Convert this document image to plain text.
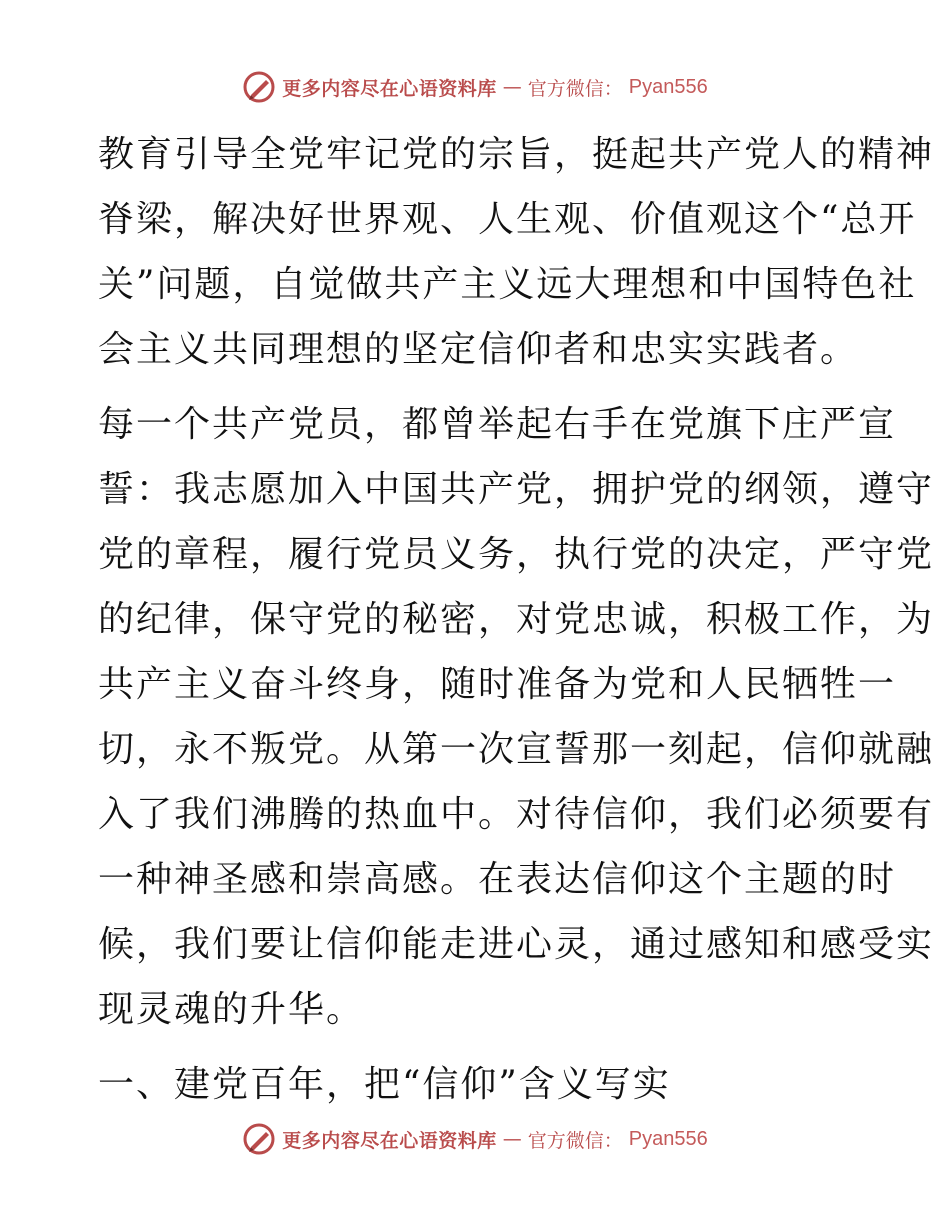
更多内容尽在心语资料库 — 官方微信： Pyan556

教育引导全党牢记党的宗旨，挺起共产党人的精神
脊梁，解决好世界观、人生观、价值观这个“总开
关”问题，自觉做共产主义远大理想和中国特色社
会主义共同理想的坚定信仰者和忠实实践者。

每一个共产党员，都曾举起右手在党旗下庄严宣
誓：我志愿加入中国共产党，拥护党的纲领，遵守
党的章程，履行党员义务，执行党的决定，严守党
的纪律，保守党的秘密，对党忠诚，积极工作，为
共产主义奋斗终身，随时准备为党和人民牺牲一
切，永不叛党。从第一次宣誓那一刻起，信仰就融
入了我们沸腾的热血中。对待信仰，我们必须要有
一种神圣感和崇高感。在表达信仰这个主题的时
候，我们要让信仰能走进心灵，通过感知和感受实
现灵魂的升华。

一、建党百年，把“信仰”含义写实

更多内容尽在心语资料库 — 官方微信： Pyan556
